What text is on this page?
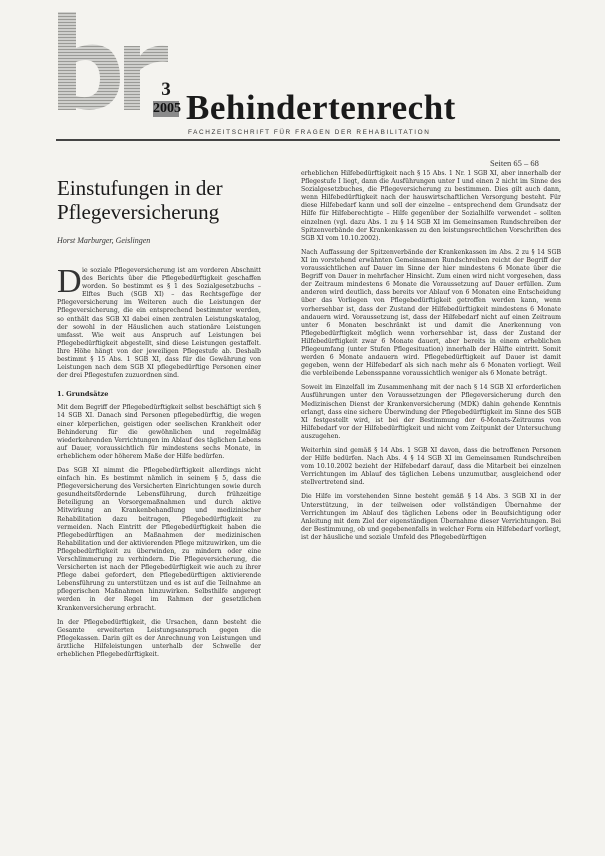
3
2005 Behindertenrecht
FACHZEITSCHRIFT FÜR FRAGEN DER REHABILITATION
Seiten 65 – 68
Einstufungen in der
Pflegeversicherung
Horst Marburger, Geislingen
D ie soziale Pflegeversicherung ist am vorderen Abschnitt des Berichts über die Pflegebedürftigkeit geschaffen worden. So bestimmt es § 1 des Sozialgesetzbuchs – Elftes Buch (SGB XI) – das Rechtsgefüge der Pflegeversicherung im Weiteren auch die Leistungen der Pflegeversicherung, die ein entsprechend bestimmter werden, so enthält das SGB XI dabei einen zentralen Leistungskatalog, der sowohl in der Häuslichen auch stationäre Leistungen umfasst. Wie weit aus Anspruch auf Leistungen bei Pflegebedürftigkeit abgestellt, sind diese Leistungen gestaffelt. Ihre Höhe hängt von der jeweiligen Pflegestufe ab. Deshalb bestimmt § 15 Abs. 1 SGB XI, dass für die Gewährung von Leistungen nach dem SGB XI pflegebedürftige Personen einer der drei Pflegestufen zuzuordnen sind.

1. Grundsätze

Mit dem Begriff der Pflegebedürftigkeit selbst beschäftigt sich § 14 SGB XI. Danach sind Personen pflegebedürftig, die wegen einer körperlichen, geistigen oder seelischen Krankheit oder Behinderung für die gewöhnlichen und regelmäßig wiederkehrenden Verrichtungen im Ablauf des täglichen Lebens auf Dauer, voraussichtlich für mindestens sechs Monate, in erheblichem oder höherem Maße der Hilfe bedürfen.

Das SGB XI nimmt die Pflegebedürftigkeit allerdings nicht einfach hin. Es bestimmt nämlich in seinem § 5, dass die Pflegeversicherung des Versicherten Einrichtungen sowie durch gesundheitsfördernde Lebensführung, durch frühzeitige Beteiligung an Vorsorgemaßnahmen und durch aktive Mitwirkung an Krankenbehandlung und medizinischer Rehabilitation dazu beitragen, Pflegebedürftigkeit zu vermeiden. Nach Eintritt der Pflegebedürftigkeit haben die Pflegebedürftigen an Maßnahmen der medizinischen Rehabilitation und der aktivierenden Pflege mitzuwirken, um die Pflegebedürftigkeit zu überwinden, zu mindern oder eine Verschlimmerung zu verhindern. Die Pflegeversicherung, die Versicherten ist nach der Pflegebedürftigkeit wie auch zu ihrer Pflege dabei gefordert, den Pflegebedürftigen aktivierende Lebensführung zu unterstützen und es ist auf die Teilnahme an pflegerischen Maßnahmen hinzuwirken. Selbsthilfe angeregt werden in der Regel im Rahmen der gesetzlichen Krankenversicherung erbracht.

In der Pflegebedürftigkeit, die Ursachen, dann besteht die Gesamte erweiterten Leistungsanspruch gegen die Pflegekassen. Darin gilt es der Anrechnung von Leistungen und ärztliche Hilfeleistungen unterhalb der Schwelle der erheblichen Pflegebedürftigkeit.

erheblichen Hilfebedürftigkeit nach § 15 Abs. 1 Nr. 1 SGB XI, aber innerhalb der Pflegestufe I liegt, dann die Ausführungen unter I und einen 2 nicht im Sinne des Sozialgesetzbuches, die Pflegeversicherung zu bestimmen. Dies gilt auch dann, wenn Hilfebedürftigkeit nach der hauswirtschaftlichen Versorgung besteht. Für diese Hilfebedarf kann und soll der einzelne – entsprechend dem Grundsatz der Hilfe für Hilfeberechtigte – Hilfe gegenüber der Sozialhilfe verwendet – sollten einzelnen (vgl. dazu Abs. 1 zu § 14 SGB XI im Gemeinsamen Rundschreiben der Spitzenverbände der Krankenkassen zu den leistungsrechtlichen Vorschriften des SGB XI vom 10.10.2002).

Nach Auffassung der Spitzenverbände der Krankenkassen im Abs. 2 zu § 14 SGB XI im vorstehend erwähnten Gemeinsamen Rundschreiben reicht der Begriff der voraussichtlichen auf Dauer im Sinne der hier mindestens 6 Monate über die Begriff von Dauer in mehrfacher Hinsicht. Zum einen wird nicht vorgesehen, dass der Zeitraum mindestens 6 Monate die Voraussetzung auf Dauer erfüllen. Zum anderen wird deutlich, dass bereits vor Ablauf von 6 Monaten eine Entscheidung über das Vorliegen von Pflegebedürftigkeit getroffen werden kann, wenn vorhersehbar ist, dass der Zustand der Hilfebedürftigkeit mindestens 6 Monate andauern wird. Voraussetzung ist, dass der Hilfebedarf nicht auf einen Zeitraum unter 6 Monaten beschränkt ist und damit die Anerkennung von Pflegebedürftigkeit möglich wenn vorhersehbar ist, dass der Zustand der Hilfebedürftigkeit zwar 6 Monate dauert, aber bereits in einem erheblichen Pflegeumfang (unter Stufen Pflegesituation) innerhalb der Hälfte eintritt. Somit werden 6 Monate andauern wird. Pflegebedürftigkeit auf Dauer ist damit gegeben, wenn der Hilfebedarf als sich nach mehr als 6 Monaten vorliegt. Weil die verbleibende Lebensspanne voraussichtlich weniger als 6 Monate beträgt.

Soweit im Einzelfall im Zusammenhang mit der nach § 14 SGB XI erforderlichen Ausführungen unter den Voraussetzungen der Pflegeversicherung durch den Medizinischen Dienst der Krankenversicherung (MDK) dahin gehende Kenntnis erlangt, dass eine sichere Überwindung der Pflegebedürftigkeit im Sinne des SGB XI festgestellt wird, ist bei der Bestimmung der 6-Monats-Zeitraums von Hilfebedarf vor der Hilfebedürftigkeit und nicht vom Zeitpunkt der Untersuchung auszugehen.

Weiterhin sind gemäß § 14 Abs. 1 SGB XI davon, dass die betroffenen Personen der Hilfe bedürfen. Nach Abs. 4 § 14 SGB XI im Gemeinsamen Rundschreiben vom 10.10.2002 bezieht der Hilfebedarf darauf, dass die Mitarbeit bei einzelnen Verrichtungen im Ablauf des täglichen Lebens unzumutbar, ausgleichend oder stellvertretend sind.

Die Hilfe im vorstehenden Sinne besteht gemäß § 14 Abs. 3 SGB XI in der Unterstützung, in der teilweisen oder vollständigen Übernahme der Verrichtungen im Ablauf des täglichen Lebens oder in Beaufsichtigung oder Anleitung mit dem Ziel der eigenständigen Übernahme dieser Verrichtungen. Bei der Bestimmung, ob und gegebenenfalls in welcher Form ein Hilfebedarf vorliegt, ist der häusliche und soziale Umfeld des Pflegebedürftigen
